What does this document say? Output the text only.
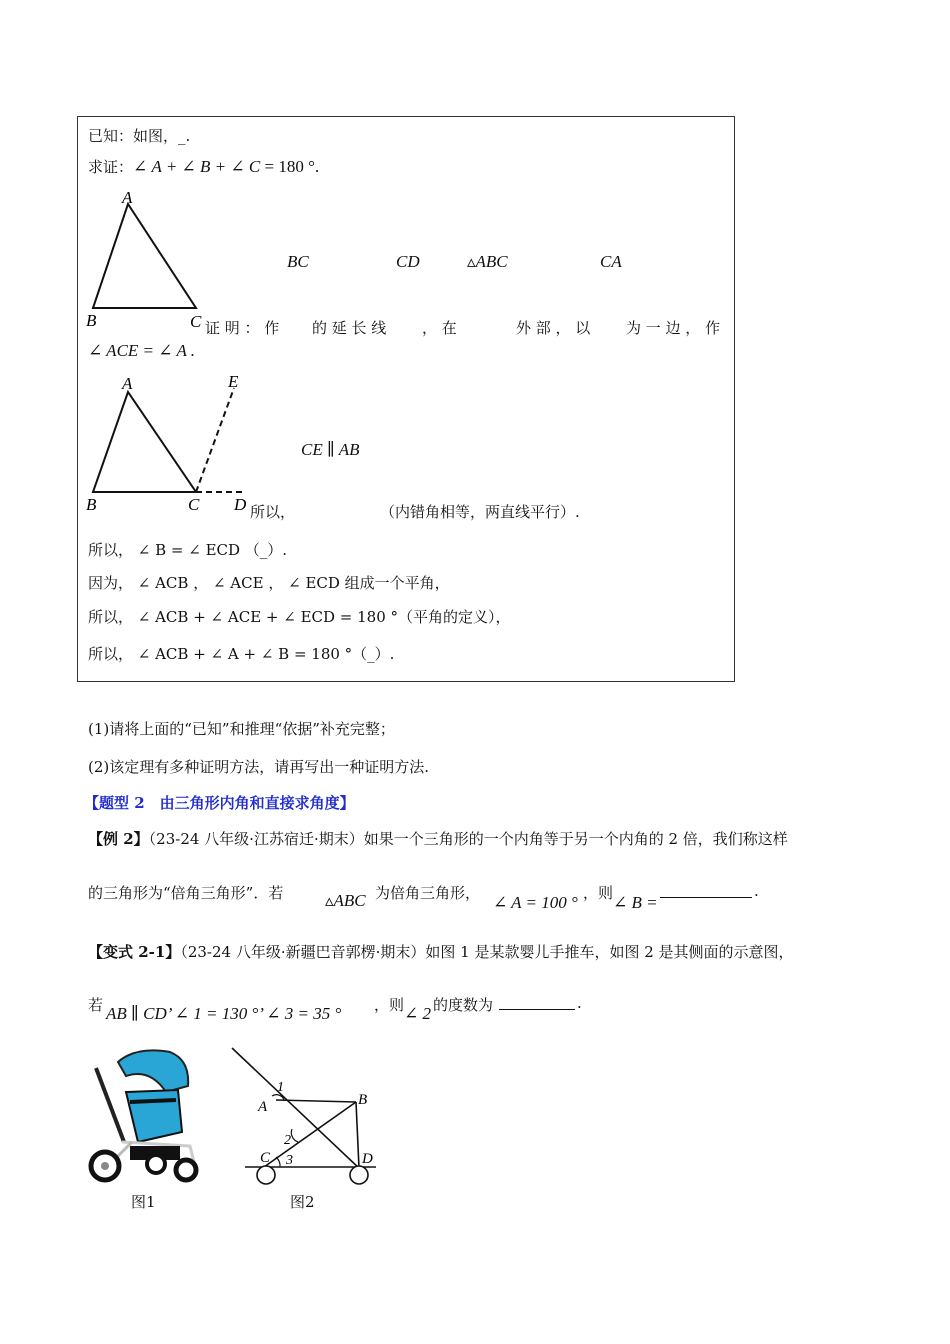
已知：如图，_.
求证：∠ A + ∠ B + ∠ C = 180 °.
A
B	C
BC	CD	▵ABC	CA
证 明 ： 作 的 延 长 线 ， 在	外 部 ， 以 为 一 边 ， 作
∠ ACE = ∠ A .
A	E
B	C D
CE ∥ AB
所以，	（内错角相等，两直线平行）.
所以， ∠ B = ∠ ECD （_）.
因为， ∠ ACB ， ∠ ACE ， ∠ ECD 组成一个平角，
所以， ∠ ACB + ∠ ACE + ∠ ECD = 180 °（平角的定义），
所以， ∠ ACB + ∠ A + ∠ B = 180 °（_）.
(1)请将上面的“已知”和推理“依据”补充完整；
(2)该定理有多种证明方法，请再写出一种证明方法.
【题型 2　由三角形内角和直接求角度】
【例 2】（23-24 八年级·江苏宿迁·期末）如果一个三角形的一个内角等于另一个内角的 2 倍，我们称这样
的三角形为“倍角三角形”．若 ▵ABC 为倍角三角形， ∠ A = 100 ° ，则 ∠ B =
.
【变式 2-1】（23-24 八年级·新疆巴音郭楞·期末）如图 1 是某款婴儿手推车，如图 2 是其侧面的示意图，
若 AB ∥ CD’ ∠ 1 = 130 °’ ∠ 3 = 35 ° ，则 ∠ 2 的度数为	.
图1
1
2
3
A	B
C	D
图2
